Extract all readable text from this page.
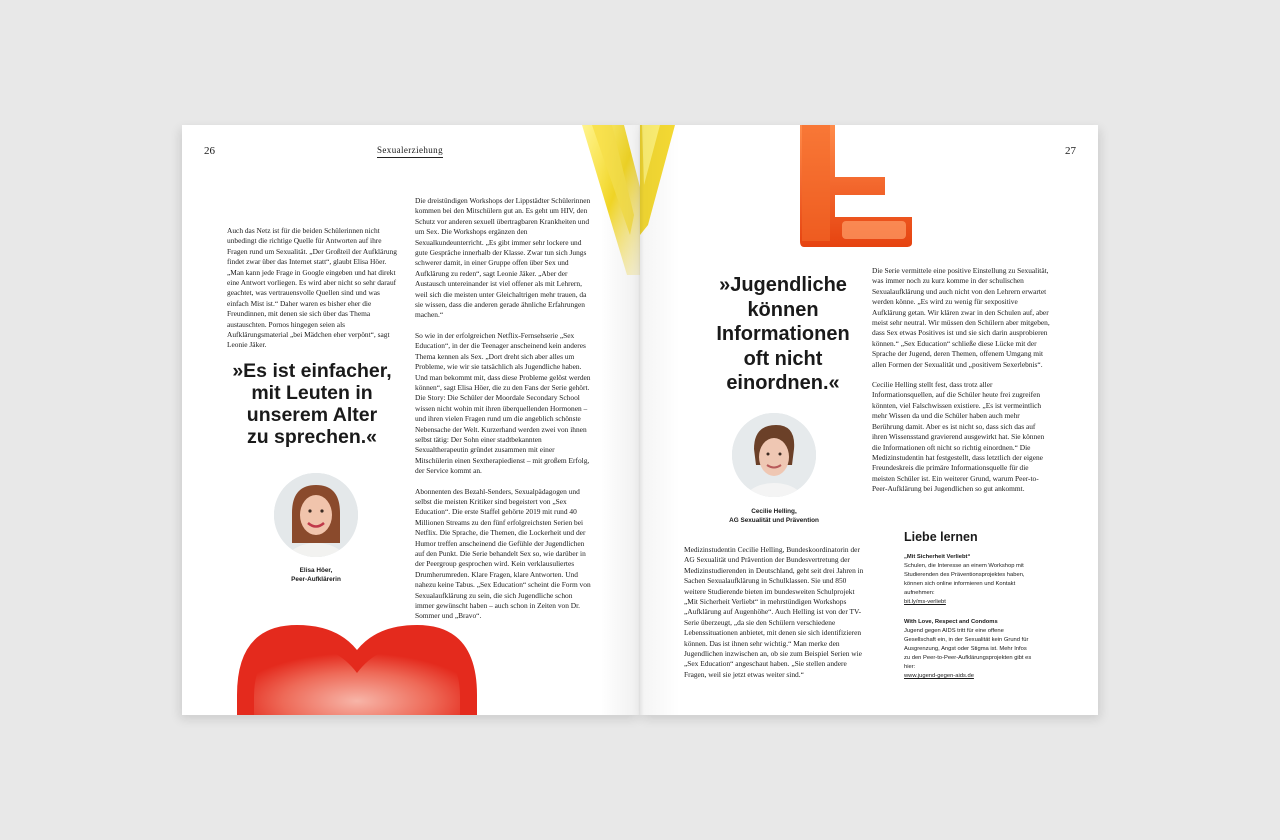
26	Sexualerziehung

Auch das Netz ist für die beiden Schülerinnen nicht unbedingt die richtige Quelle für Antworten auf ihre Fragen rund um Sexualität. „Der Großteil der Aufklärung findet zwar über das Internet statt“, glaubt Elisa Höer. „Man kann jede Frage in Google eingeben und hat direkt eine Antwort vorliegen. Es wird aber nicht so sehr darauf geachtet, was vertrauensvolle Quellen sind und was einfach Mist ist.“ Daher waren es bisher eher die Freundinnen, mit denen sie sich über das Thema austauschten. Pornos hingegen seien als Aufklärungsmaterial „bei Mädchen eher verpönt“, sagt Leonie Jäker.

»Es ist einfacher,
mit Leuten in
unserem Alter
zu sprechen.«
Elisa Höer,
Peer-Aufklärerin

Die dreistündigen Workshops der Lippstädter Schülerinnen kommen bei den Mitschülern gut an. Es geht um HIV, den Schutz vor anderen sexuell übertragbaren Krankheiten und um Sex. Die Workshops ergänzen den Sexualkundeunterricht. „Es gibt immer sehr lockere und gute Gespräche innerhalb der Klasse. Zwar tun sich Jungs schwerer damit, in einer Gruppe offen über Sex und Aufklärung zu reden“, sagt Leonie Jäker. „Aber der Austausch untereinander ist viel offener als mit Lehrern, weil sich die meisten unter Gleichaltrigen mehr trauen, da sie wissen, dass die anderen gerade ähnliche Erfahrungen machen.“

So wie in der erfolgreichen Netflix-Fernsehserie „Sex Education“, in der die Teenager anscheinend kein anderes Thema kennen als Sex. „Dort dreht sich aber alles um Probleme, wie wir sie tatsächlich als Jugendliche haben. Und man bekommt mit, dass diese Probleme gelöst werden können“, sagt Elisa Höer, die zu den Fans der Serie gehört. Die Story: Die Schüler der Moordale Secondary School wissen nicht wohin mit ihren überquellenden Hormonen – und ihren vielen Fragen rund um die angeblich schönste Nebensache der Welt. Kurzerhand werden zwei von ihnen selbst tätig: Der Sohn einer stadtbekannten Sexualtherapeutin gründet zusammen mit einer Mitschülerin einen Sextherapiedienst – mit großem Erfolg, der Service kommt an.

Abonnenten des Bezahl-Senders, Sexualpädagogen und selbst die meisten Kritiker sind begeistert von „Sex Education“. Die erste Staffel gehörte 2019 mit rund 40 Millionen Streams zu den fünf erfolgreichsten Serien bei Netflix. Die Sprache, die Themen, die Lockerheit und der Humor treffen anscheinend die Gefühle der Jugendlichen auf den Punkt. Die Serie behandelt Sex so, wie darüber in der Peergroup gesprochen wird. Kein verklausuliertes Drumherumreden. Klare Fragen, klare Antworten. Und nahezu keine Tabus. „Sex Education“ scheint die Form von Sexualaufklärung zu sein, die sich Jugendliche schon immer gewünscht haben – auch schon in Zeiten von Dr. Sommer und „Bravo“.

»Jugendliche
können
Informationen
oft nicht
einordnen.«
Cecilie Helling,
AG Sexualität und Prävention

Medizinstudentin Cecilie Helling, Bundeskoordinatorin der AG Sexualität und Prävention der Bundesvertretung der Medizinstudierenden in Deutschland, geht seit drei Jahren in Sachen Sexualaufklärung in Schulklassen. Sie und 850 weitere Studierende bieten im bundesweiten Schulprojekt „Mit Sicherheit Verliebt“ in mehrstündigen Workshops „Aufklärung auf Augenhöhe“. Auch Helling ist von der TV-Serie überzeugt, „da sie den Schülern verschiedene Lebenssituationen anbietet, mit denen sie sich identifizieren können. Das ist ihnen sehr wichtig.“ Man merke den Jugendlichen inzwischen an, ob sie zum Beispiel Serien wie „Sex Education“ angeschaut haben. „Sie stellen andere Fragen, weil sie jetzt etwas weiter sind.“

27

Die Serie vermittele eine positive Einstellung zu Sexualität, was immer noch zu kurz komme in der schulischen Sexualaufklärung und auch nicht von den Lehrern erwartet werden könne. „Es wird zu wenig für sexpositive Aufklärung getan. Wir klären zwar in den Schulen auf, aber meist sehr neutral. Wir müssen den Schülern aber mitgeben, dass Sex etwas Positives ist und sie sich darin ausprobieren können.“ „Sex Education“ schließe diese Lücke mit der Sprache der Jugend, deren Themen, offenem Umgang mit allen Formen der Sexualität und „positivem Sexerlebnis“.

Cecilie Helling stellt fest, dass trotz aller Informationsquellen, auf die Schüler heute frei zugreifen könnten, viel Falschwissen existiere. „Es ist vermeintlich mehr Wissen da und die Schüler haben auch mehr Berührung damit. Aber es ist nicht so, dass sich das auf ihren Wissensstand gravierend ausgewirkt hat. Sie können die Informationen oft nicht so richtig einordnen.“ Die Medizinstudentin hat festgestellt, dass letztlich der eigene Freundeskreis die primäre Informationsquelle für die meisten Schüler ist. Ein weiterer Grund, warum Peer-to-Peer-Aufklärung bei Jugendlichen so gut ankommt.

Liebe lernen
„Mit Sicherheit Verliebt“
Schulen, die Interesse an einem Workshop mit Studierenden des Präventionsprojektes haben, können sich online informieren und Kontakt aufnehmen:
bit.ly/ms-verliebt
With Love, Respect and Condoms
Jugend gegen AIDS tritt für eine offene Gesellschaft ein, in der Sexualität kein Grund für Ausgrenzung, Angst oder Stigma ist. Mehr Infos zu den Peer-to-Peer-Aufklärungsprojekten gibt es hier:
www.jugend-gegen-aids.de
